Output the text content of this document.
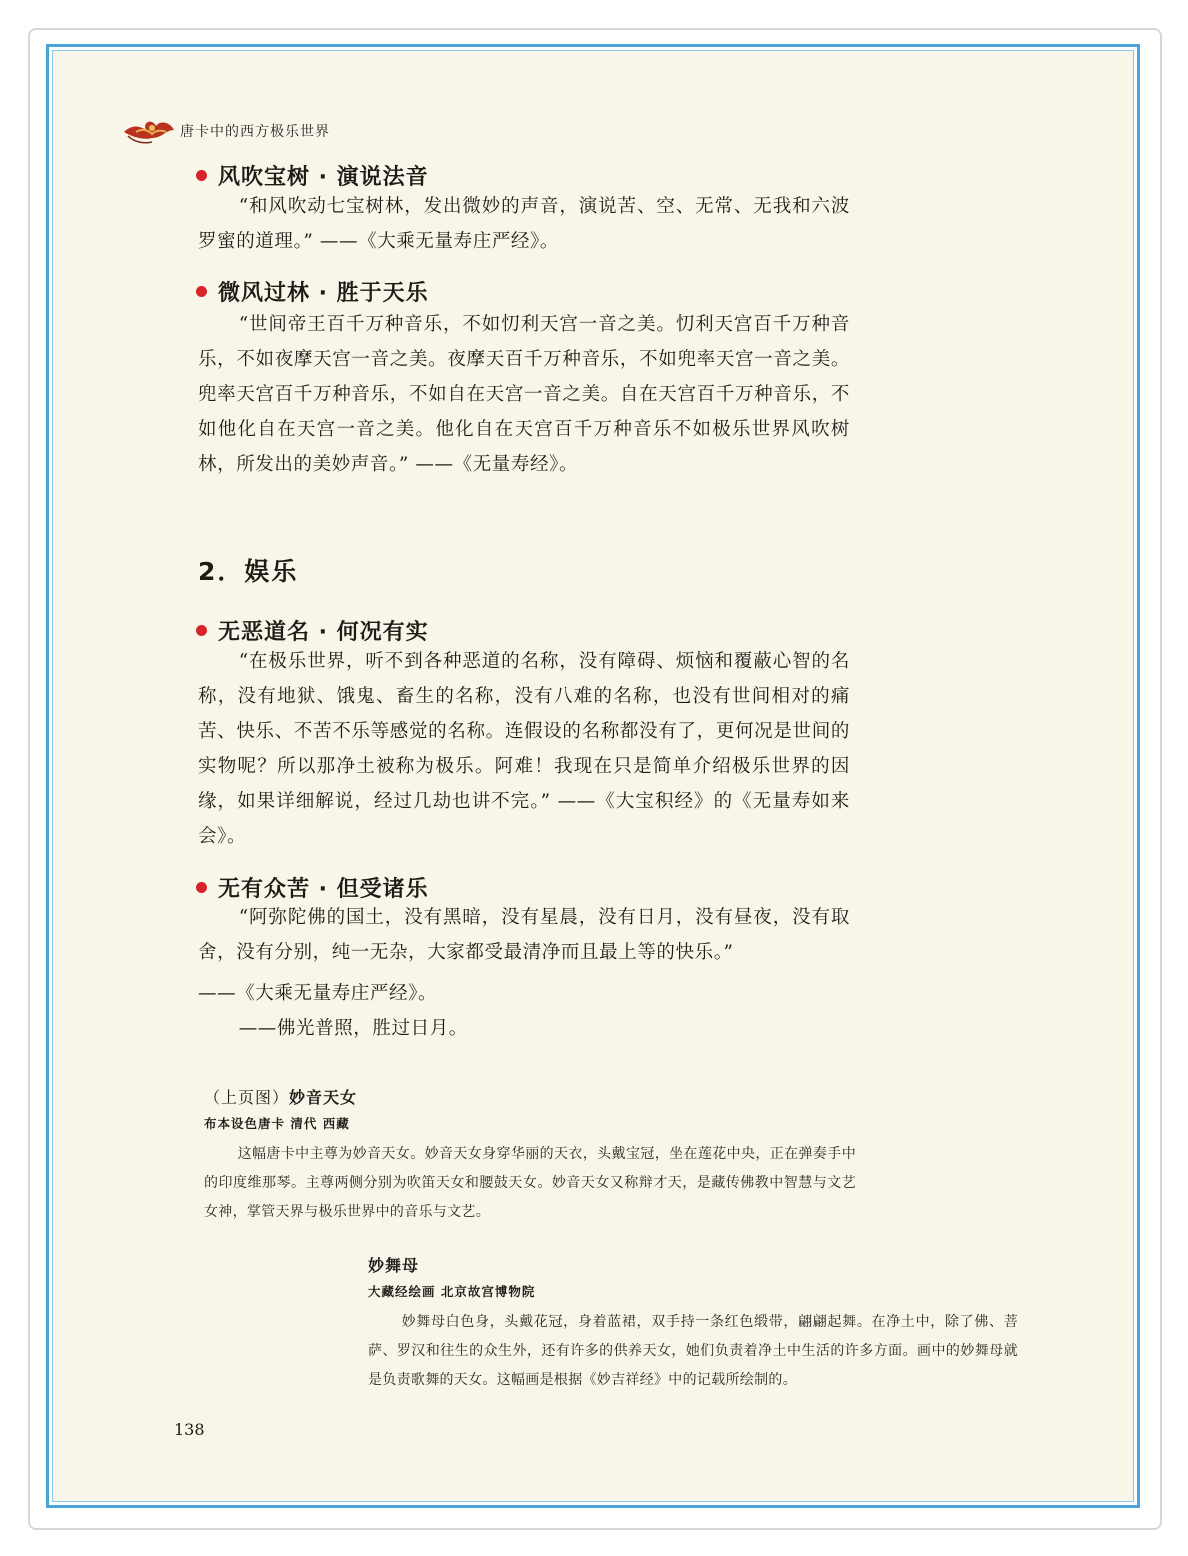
唐卡中的西方极乐世界
风吹宝树 · 演说法音

“和风吹动七宝树林，发出微妙的声音，演说苦、空、无常、无我和六波罗蜜的道理。” ——《大乘无量寿庄严经》。

微风过林 · 胜于天乐

“世间帝王百千万种音乐，不如忉利天宫一音之美。忉利天宫百千万种音乐，不如夜摩天宫一音之美。夜摩天百千万种音乐，不如兜率天宫一音之美。兜率天宫百千万种音乐，不如自在天宫一音之美。自在天宫百千万种音乐，不如他化自在天宫一音之美。他化自在天宫百千万种音乐不如极乐世界风吹树林，所发出的美妙声音。” ——《无量寿经》。

2．娱乐
无恶道名 · 何况有实

“在极乐世界，听不到各种恶道的名称，没有障碍、烦恼和覆蔽心智的名称，没有地狱、饿鬼、畜生的名称，没有八难的名称，也没有世间相对的痛苦、快乐、不苦不乐等感觉的名称。连假设的名称都没有了，更何况是世间的实物呢？所以那净土被称为极乐。阿难！我现在只是简单介绍极乐世界的因缘，如果详细解说，经过几劫也讲不完。” ——《大宝积经》的《无量寿如来会》。

无有众苦 · 但受诸乐

“阿弥陀佛的国土，没有黑暗，没有星晨，没有日月，没有昼夜，没有取舍，没有分别，纯一无杂，大家都受最清净而且最上等的快乐。”

——《大乘无量寿庄严经》。

——佛光普照，胜过日月。

（上页图）妙音天女
布本设色唐卡 清代 西藏

这幅唐卡中主尊为妙音天女。妙音天女身穿华丽的天衣，头戴宝冠，坐在莲花中央，正在弹奏手中的印度维那琴。主尊两侧分别为吹笛天女和腰鼓天女。妙音天女又称辩才天，是藏传佛教中智慧与文艺女神，掌管天界与极乐世界中的音乐与文艺。

妙舞母
大藏经绘画 北京故宫博物院

妙舞母白色身，头戴花冠，身着蓝裙，双手持一条红色缎带，翩翩起舞。在净土中，除了佛、菩萨、罗汉和往生的众生外，还有许多的供养天女，她们负责着净土中生活的许多方面。画中的妙舞母就是负责歌舞的天女。这幅画是根据《妙吉祥经》中的记载所绘制的。

138
